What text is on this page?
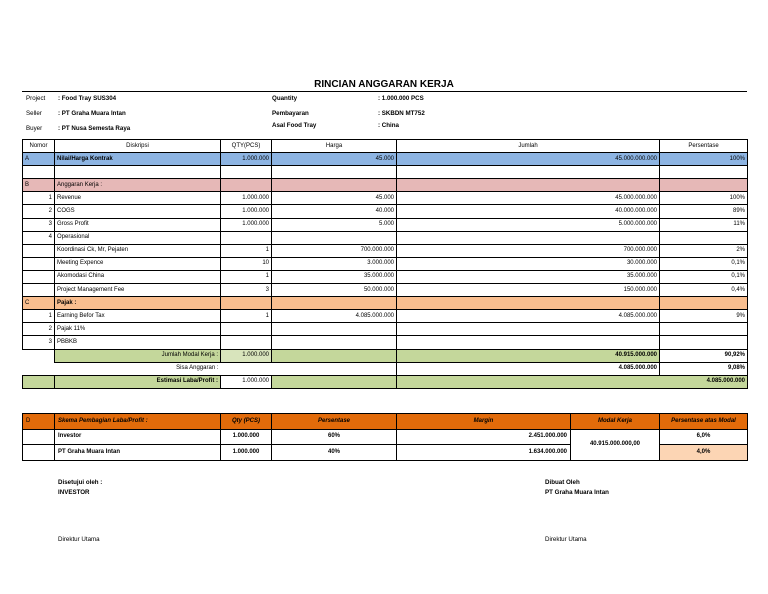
RINCIAN ANGGARAN KERJA
Project : Food Tray SUS304
Seller	: PT Graha Muara Intan
Buyer	: PT Nusa Semesta Raya
Quantity	: 1.000.000 PCS
Pembayaran	: SKBDN MT752
Asal Food Tray	: China
Nomor	Diskripsi	QTY(PCS)	Harga	Jumlah	Persentase
A	Nilai/Harga Kontrak	1.000.000	45.000	45.000.000.000	100%

B	Anggaran Kerja :				
1	Revenue	1.000.000	45.000	45.000.000.000	100%
2	COGS	1.000.000	40.000	40.000.000.000	89%
3	Gross Profit	1.000.000	5.000	5.000.000.000	11%
4	Operasional				
	Koordinasi Ck, Mr, Pejaten	1	700.000.000	700.000.000	2%
	Meeting Expence	10	3.000.000	30.000.000	0,1%
	Akomodasi China	1	35.000.000	35.000.000	0,1%
	Project Management Fee	3	50.000.000	150.000.000	0,4%
C	Pajak :				
1	Earning Befor Tax	1	4.085.000.000	4.085.000.000	9%
2	Pajak 11%				
3	PBBKB				
	Jumlah Modal Kerja :	1.000.000		40.915.000.000	90,92%
	Sisa Anggaran :			4.085.000.000	9,08%
	Estimasi Laba/Profit :	1.000.000		4.085.000.000	
D	Skema Pembagian Laba/Profit :	Qty (PCS)	Persentase	Margin	Modal Kerja	Persentase atas Modal
	Investor	1.000.000	60%	2.451.000.000	40.915.000.000,00	6,0%
	PT Graha Muara Intan	1.000.000	40%	1.634.000.000		4,0%
Disetujui oleh :
INVESTOR
Direktur Utama
Dibuat Oleh
PT Graha Muara Intan
Direktur Utama
